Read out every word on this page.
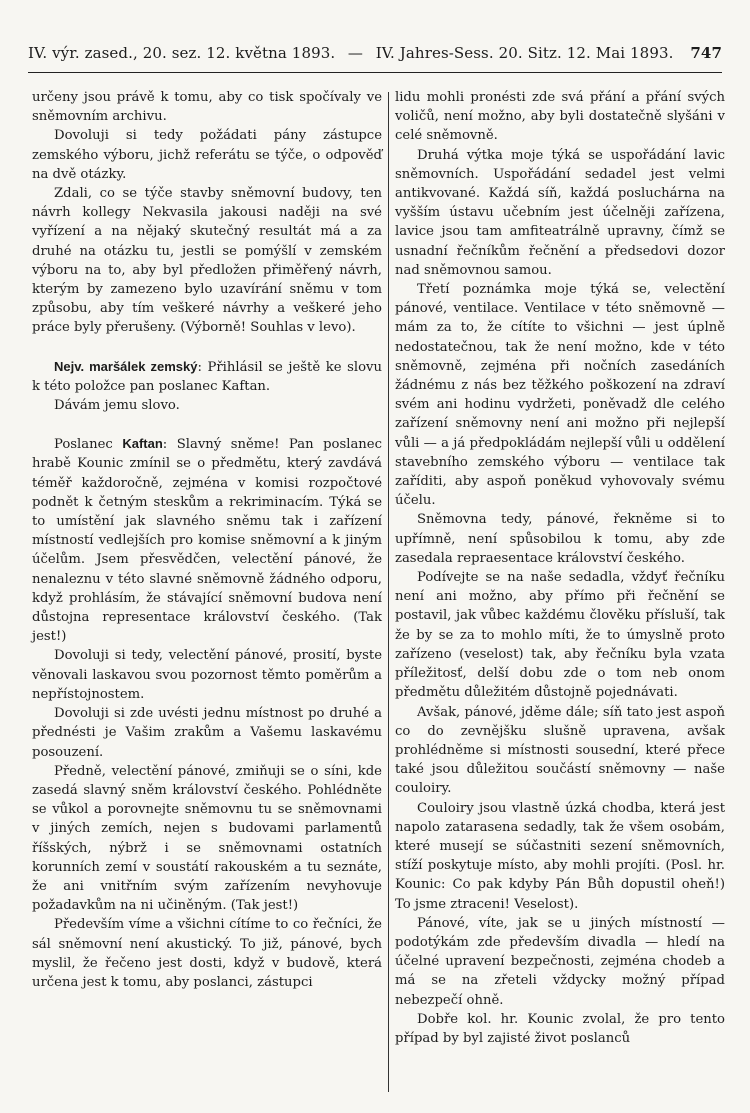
IV. výr. zased., 20. sez. 12. května 1893. — IV. Jahres-Sess. 20. Sitz. 12. Mai 1893. 747

určeny jsou právě k tomu, aby co tisk spočívaly ve sněmovním archivu.

Dovoluji si tedy požádati pány zástupce zemského výboru, jichž referátu se týče, o odpověď na dvě otázky.

Zdali, co se týče stavby sněmovní budovy, ten návrh kollegy Nekvasila jakousi naději na své vyřízení a na nějaký skutečný resultát má a za druhé na otázku tu, jestli se pomýšlí v zemském výboru na to, aby byl předložen přiměřený návrh, kterým by zamezeno bylo uzavírání sněmu v tom způsobu, aby tím veškeré návrhy a veškeré jeho práce byly přerušeny. (Výborně! Souhlas v levo).

Nejv. maršálek zemský: Přihlásil se ještě ke slovu k této položce pan poslanec Kaftan.

Dávám jemu slovo.

Poslanec Kaftan: Slavný sněme! Pan poslanec hrabě Kounic zmínil se o předmětu, který zavdává téměř každoročně, zejména v komisi rozpočtové podnět k četným steskům a rekriminacím. Týká se to umístění jak slavného sněmu tak i zařízení místností vedlejších pro komise sněmovní a k jiným účelům. Jsem přesvědčen, velectění pánové, že nenaleznu v této slavné sněmovně žádného odporu, když prohlásím, že stávající sněmovní budova není důstojna representace království českého. (Tak jest!)

Dovoluji si tedy, velectění pánové, prosití, byste věnovali laskavou svou pozornost těmto poměrům a nepřístojnostem.

Dovoluji si zde uvésti jednu místnost po druhé a přednésti je Vašim zrakům a Vašemu laskavému posouzení.

Předně, velectění pánové, zmiňuji se o síni, kde zasedá slavný sněm království českého. Pohlédněte se vůkol a porovnejte sněmovnu tu se sněmovnami v jiných zemích, nejen s budovami parlamentů říšských, nýbrž i se sněmovnami ostatních korunních zemí v soustátí rakouském a tu seznáte, že ani vnitřním svým zařízením nevyhovuje požadavkům na ni učiněným. (Tak jest!)

Především víme a všichni cítíme to co řečníci, že sál sněmovní není akustický. To již, pánové, bych myslil, že řečeno jest dosti, když v budově, která určena jest k tomu, aby poslanci, zástupci

lidu mohli pronésti zde svá přání a přání svých voličů, není možno, aby byli dostatečně slyšáni v celé sněmovně.

Druhá výtka moje týká se uspořádání lavic sněmovních. Uspořádání sedadel jest velmi antikvované. Každá síň, každá posluchárna na vyšším ústavu učebním jest účelněji zařízena, lavice jsou tam amfiteatrálně upravny, čímž se usnadní řečníkům řečnění a předsedovi dozor nad sněmovnou samou.

Třetí poznámka moje týká se, velectění pánové, ventilace. Ventilace v této sněmovně — mám za to, že cítíte to všichni — jest úplně nedostatečnou, tak že není možno, kde v této sněmovně, zejména při nočních zasedáních žádnému z nás bez těžkého poškození na zdraví svém ani hodinu vydržeti, poněvadž dle celého zařízení sněmovny není ani možno při nejlepší vůli — a já předpokládám nejlepší vůli u oddělení stavebního zemského výboru — ventilace tak zaříditi, aby aspoň poněkud vyhovovaly svému účelu.

Sněmovna tedy, pánové, řekněme si to upřímně, není spůsobilou k tomu, aby zde zasedala repraesentace království českého.

Podívejte se na naše sedadla, vždyť řečníku není ani možno, aby přímo při řečnění se postavil, jak vůbec každému člověku přísluší, tak že by se za to mohlo míti, že to úmyslně proto zařízeno (veselost) tak, aby řečníku byla vzata příležitosť, delší dobu zde o tom neb onom předmětu důležitém důstojně pojednávati.

Avšak, pánové, jděme dále; síň tato jest aspoň co do zevnějšku slušně upravena, avšak prohlédněme si místnosti sousední, které přece také jsou důležitou součástí sněmovny — naše couloiry.

Couloiry jsou vlastně úzká chodba, která jest napolo zatarasena sedadly, tak že všem osobám, které musejí se súčastniti sezení sněmovních, stíží poskytuje místo, aby mohli projíti. (Posl. hr. Kounic: Co pak kdyby Pán Bůh dopustil oheň!) To jsme ztraceni! Veselost).

Pánové, víte, jak se u jiných místností — podotýkám zde především divadla — hledí na účelné upravení bezpečnosti, zejména chodeb a má se na zřeteli vždycky možný případ nebezpečí ohně.

Dobře kol. hr. Kounic zvolal, že pro tento případ by byl zajisté život poslanců
